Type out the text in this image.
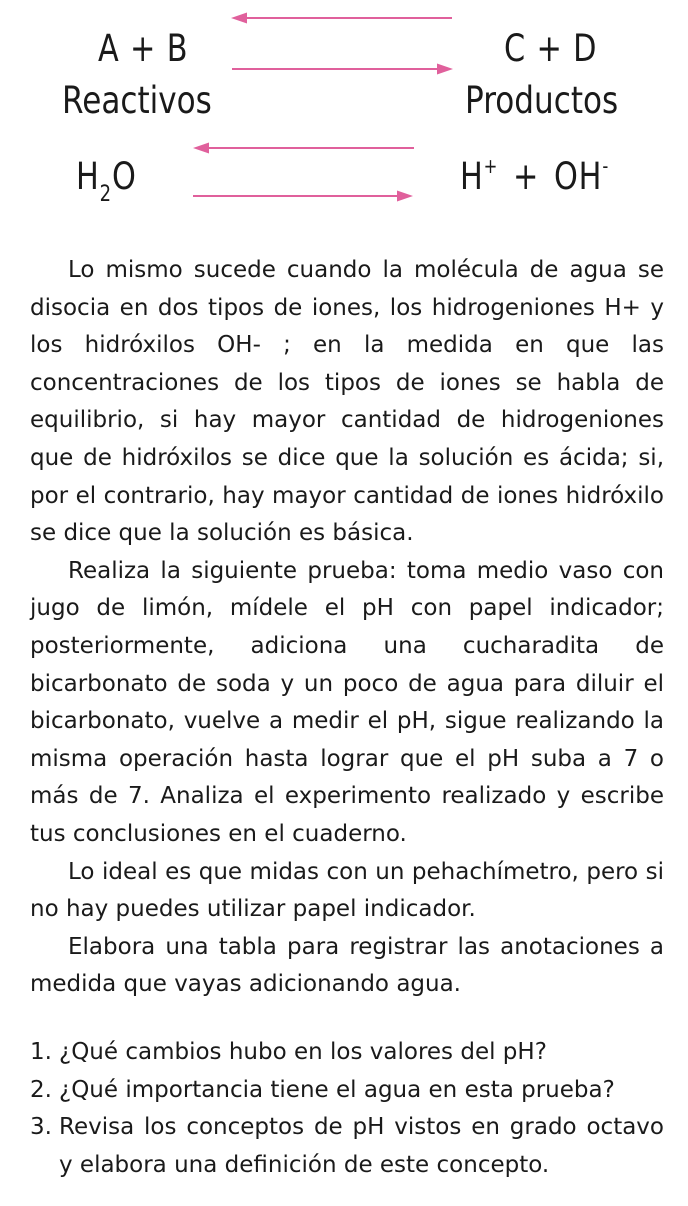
A + B	C + D
Reactivos	Productos
$H_2O$	H+ + OH-

Lo mismo sucede cuando la molécula de agua se disocia en dos tipos de iones, los hidrogeniones H+ y los hidróxilos OH- ; en la medida en que las concentraciones de los tipos de iones se habla de equilibrio, si hay mayor cantidad de hidrogeniones que de hidróxilos se dice que la solución es ácida; si, por el contrario, hay mayor cantidad de iones hidróxilo se dice que la solución es básica.

Realiza la siguiente prueba: toma medio vaso con jugo de limón, mídele el pH con papel indicador; posteriormente, adiciona una cucharadita de bicarbonato de soda y un poco de agua para diluir el bicarbonato, vuelve a medir el pH, sigue realizando la misma operación hasta lograr que el pH suba a 7 o más de 7. Analiza el experimento realizado y escribe tus conclusiones en el cuaderno.

Lo ideal es que midas con un pehachímetro, pero si no hay puedes utilizar papel indicador.

Elabora una tabla para registrar las anotaciones a medida que vayas adicionando agua.

1. ¿Qué cambios hubo en los valores del pH?
2. ¿Qué importancia tiene el agua en esta prueba?
3. Revisa los conceptos de pH vistos en grado octavo y elabora una definición de este concepto.
